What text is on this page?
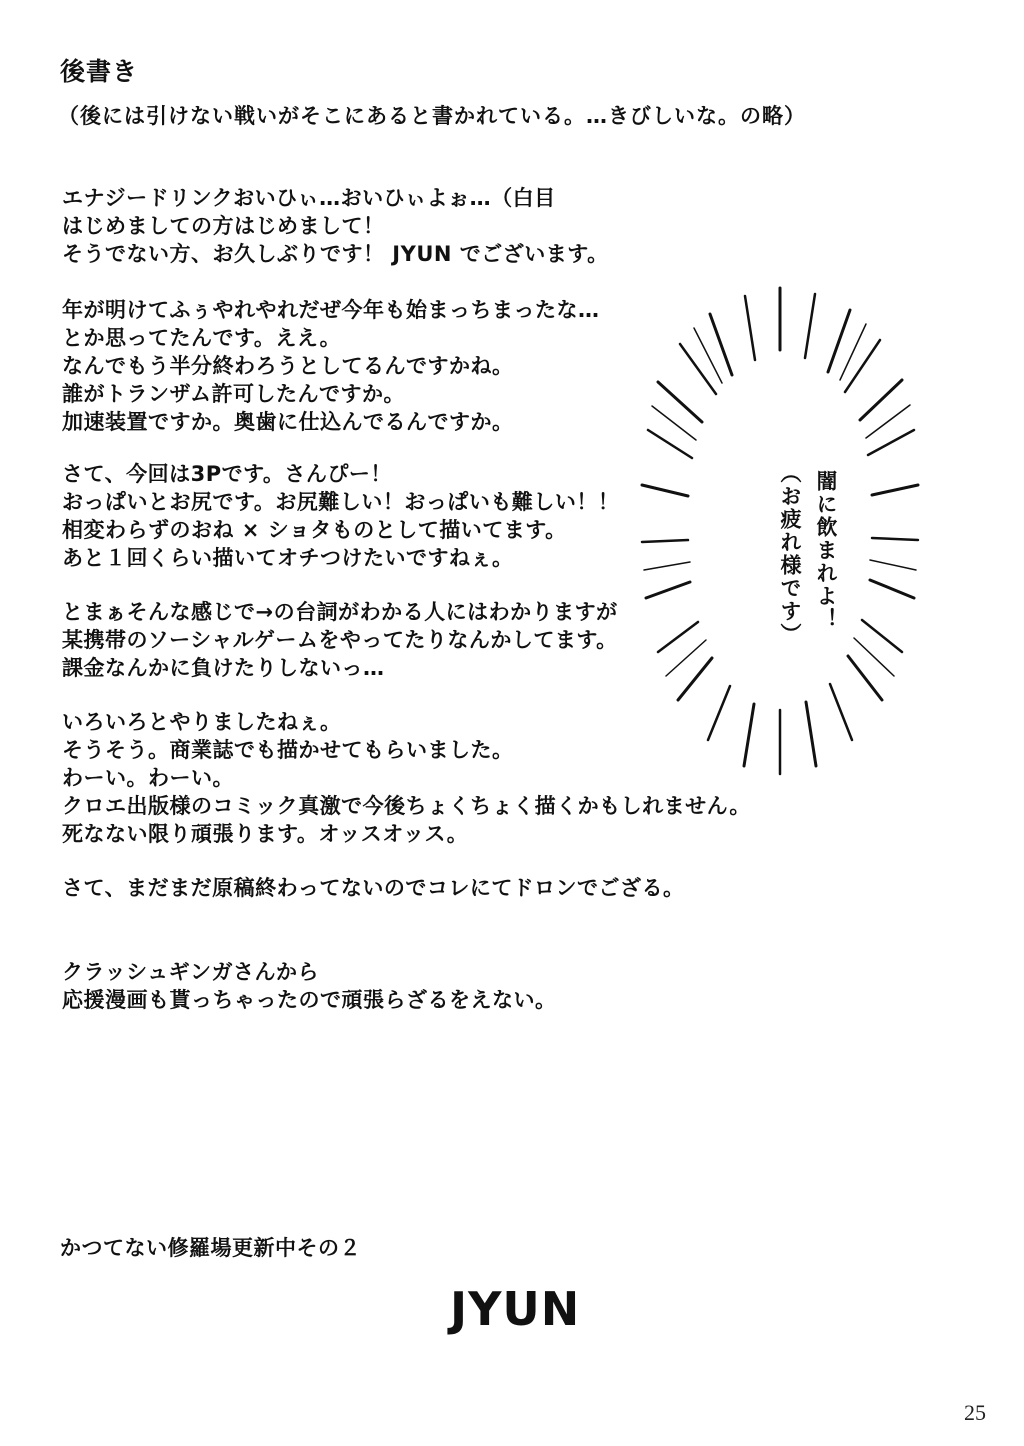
後書き
（後には引けない戦いがそこにあると書かれている。…きびしいな。の略）
エナジードリンクおいひぃ…おいひぃよぉ…（白目
はじめましての方はじめまして！
そうでない方、お久しぶりです！ JYUN でございます。
年が明けてふぅやれやれだぜ今年も始まっちまったな…
とか思ってたんです。ええ。
なんでもう半分終わろうとしてるんですかね。
誰がトランザム許可したんですか。
加速装置ですか。奥歯に仕込んでるんですか。
さて、今回は3Pです。さんぴー！
おっぱいとお尻です。お尻難しい！おっぱいも難しい！！
相変わらずのおね × ショタものとして描いてます。
あと１回くらい描いてオチつけたいですねぇ。
とまぁそんな感じで→の台詞がわかる人にはわかりますが
某携帯のソーシャルゲームをやってたりなんかしてます。
課金なんかに負けたりしないっ…
いろいろとやりましたねぇ。
そうそう。商業誌でも描かせてもらいました。
わーい。わーい。
クロエ出版様のコミック真激で今後ちょくちょく描くかもしれません。
死なない限り頑張ります。オッスオッス。
さて、まだまだ原稿終わってないのでコレにてドロンでござる。
クラッシュギンガさんから
応援漫画も貰っちゃったので頑張らざるをえない。
闇に飲まれよ！
（お疲れ様です）
かつてない修羅場更新中その２
JYUN
25
